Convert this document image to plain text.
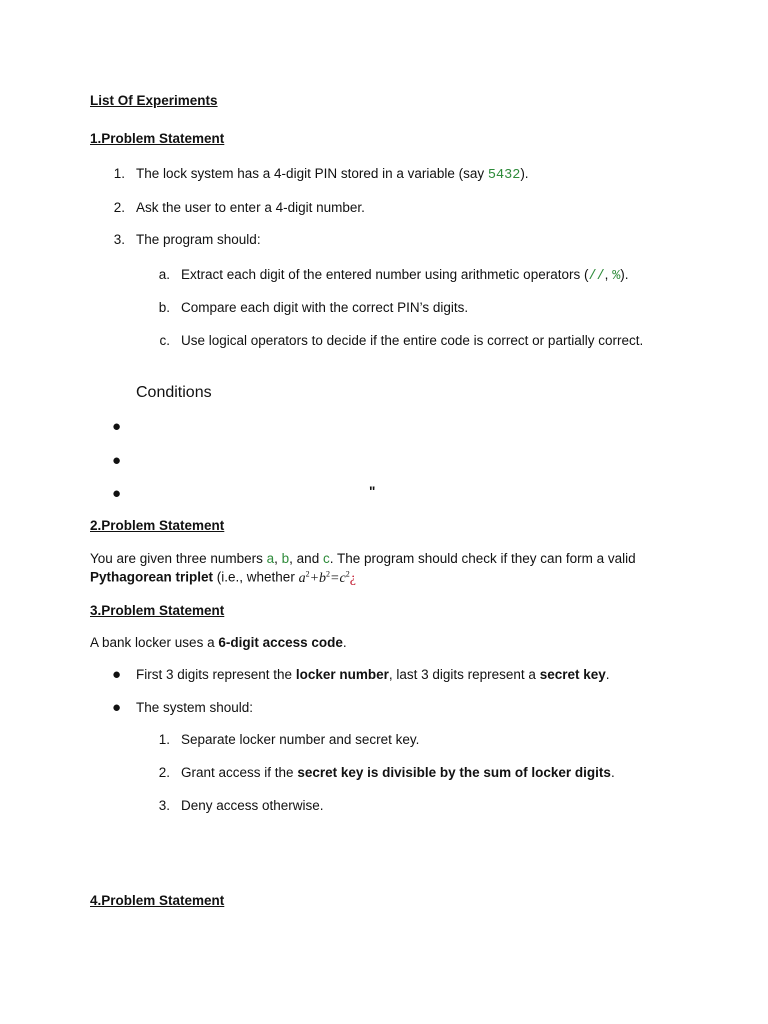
List Of Experiments
1.Problem Statement
1. The lock system has a 4-digit PIN stored in a variable (say 5432).
2. Ask the user to enter a 4-digit number.
3. The program should:
a. Extract each digit of the entered number using arithmetic operators (//, %).
b. Compare each digit with the correct PIN’s digits.
c. Use logical operators to decide if the entire code is correct or partially correct.
Conditions
●
●
●	"
2.Problem Statement
You are given three numbers a, b, and c. The program should check if they can form a valid
Pythagorean triplet (i.e., whether $a^2+b^2=c^2¿$
3.Problem Statement
A bank locker uses a 6-digit access code.
● First 3 digits represent the locker number, last 3 digits represent a secret key.
● The system should:
1. Separate locker number and secret key.
2. Grant access if the secret key is divisible by the sum of locker digits.
3. Deny access otherwise.
4.Problem Statement
